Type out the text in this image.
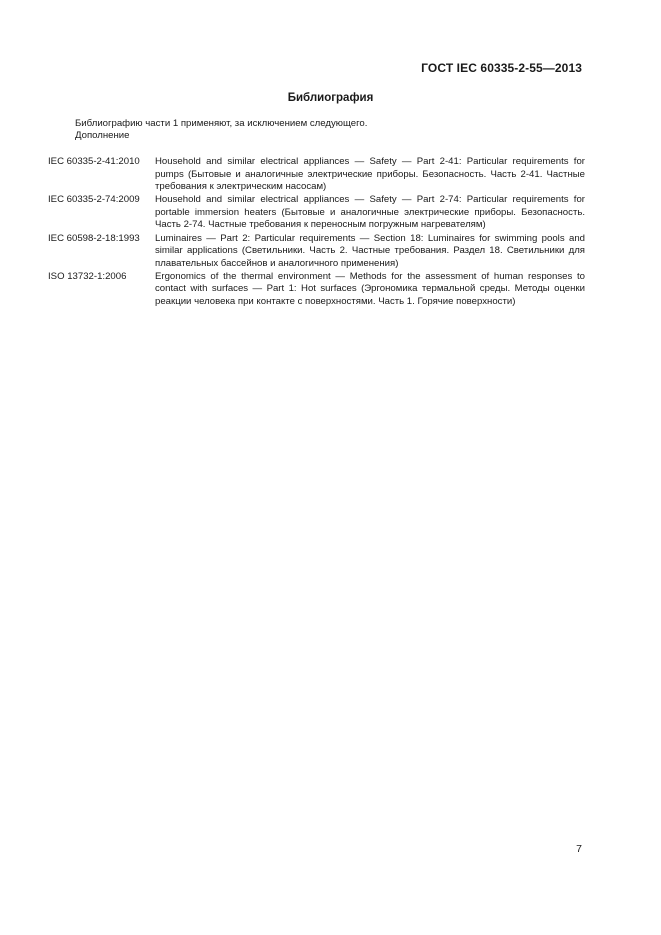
ГОСТ IEC 60335-2-55—2013
Библиография
Библиографию части 1 применяют, за исключением следующего.
Дополнение
IEC 60335-2-41:2010	Household and similar electrical appliances — Safety — Part 2-41: Particular requirements for pumps (Бытовые и аналогичные электрические приборы. Безопасность. Часть 2-41. Частные требования к электрическим насосам)
IEC 60335-2-74:2009	Household and similar electrical appliances — Safety — Part 2-74: Particular requirements for portable immersion heaters (Бытовые и аналогичные электрические приборы. Безопасность. Часть 2-74. Частные требования к переносным погружным нагревателям)
IEC 60598-2-18:1993	Luminaires — Part 2: Particular requirements — Section 18: Luminaires for swimming pools and similar applications (Светильники. Часть 2. Частные требования. Раздел 18. Светильники для плавательных бассейнов и аналогичного применения)
ISO 13732-1:2006	Ergonomics of the thermal environment — Methods for the assessment of human responses to contact with surfaces — Part 1: Hot surfaces (Эргономика термальной среды. Методы оценки реакции человека при контакте с поверхностями. Часть 1. Горячие поверхности)
7
